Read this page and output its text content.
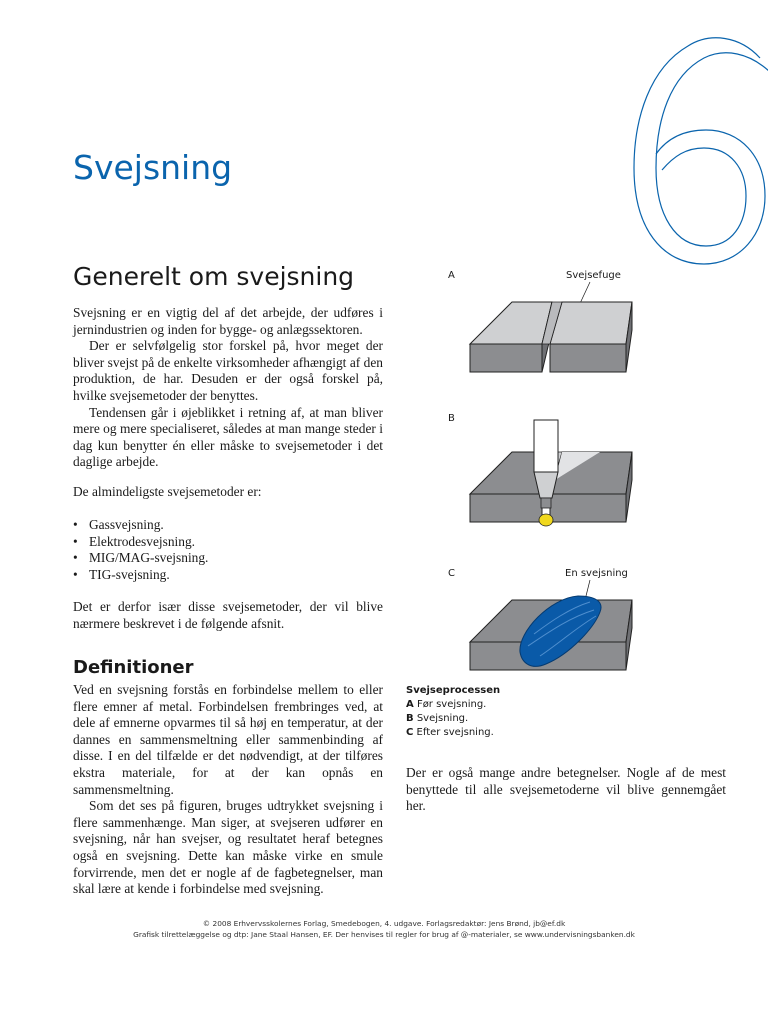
Svejsning
Generelt om svejsning

Svejsning er en vigtig del af det arbejde, der udføres i jernindustrien og inden for bygge- og anlægssektoren.

Der er selvfølgelig stor forskel på, hvor meget der bliver svejst på de enkelte virksomheder afhængigt af den produktion, de har. Desuden er der også forskel på, hvilke svejsemetoder der benyttes.

Tendensen går i øjeblikket i retning af, at man bliver mere og mere specialiseret, således at man mange steder i dag kun benytter én eller måske to svejsemetoder i det daglige arbejde.

De almindeligste svejsemetoder er:
• Gassvejsning.
• Elektrodesvejsning.
• MIG/MAG-svejsning.
• TIG-svejsning.

Det er derfor især disse svejsemetoder, der vil blive nærmere beskrevet i de følgende afsnit.

Definitioner

Ved en svejsning forstås en forbindelse mellem to eller flere emner af metal. Forbindelsen frembringes ved, at dele af emnerne opvarmes til så høj en temperatur, at der dannes en sammensmeltning eller sammenbinding af disse. I en del tilfælde er det nødvendigt, at der tilføres ekstra materiale, for at der kan opnås en sammensmeltning.

Som det ses på figuren, bruges udtrykket svejsning i flere sammenhænge. Man siger, at svejseren udfører en svejsning, når han svejser, og resultatet heraf betegnes også en svejsning. Dette kan måske virke en smule forvirrende, men det er nogle af de fagbetegnelser, man skal lære at kende i forbindelse med svejsning.

A	Svejsefuge
B
C	En svejsning
Svejseprocessen
A Før svejsning.
B Svejsning.
C Efter svejsning.

Der er også mange andre betegnelser. Nogle af de mest benyttede til alle svejsemetoderne vil blive gennemgået her.

© 2008 Erhvervsskolernes Forlag, Smedebogen, 4. udgave. Forlagsredaktør: Jens Brønd, jb@ef.dk
Grafisk tilrettelæggelse og dtp: Jane Staal Hansen, EF. Der henvises til regler for brug af @-materialer, se www.undervisningsbanken.dk
